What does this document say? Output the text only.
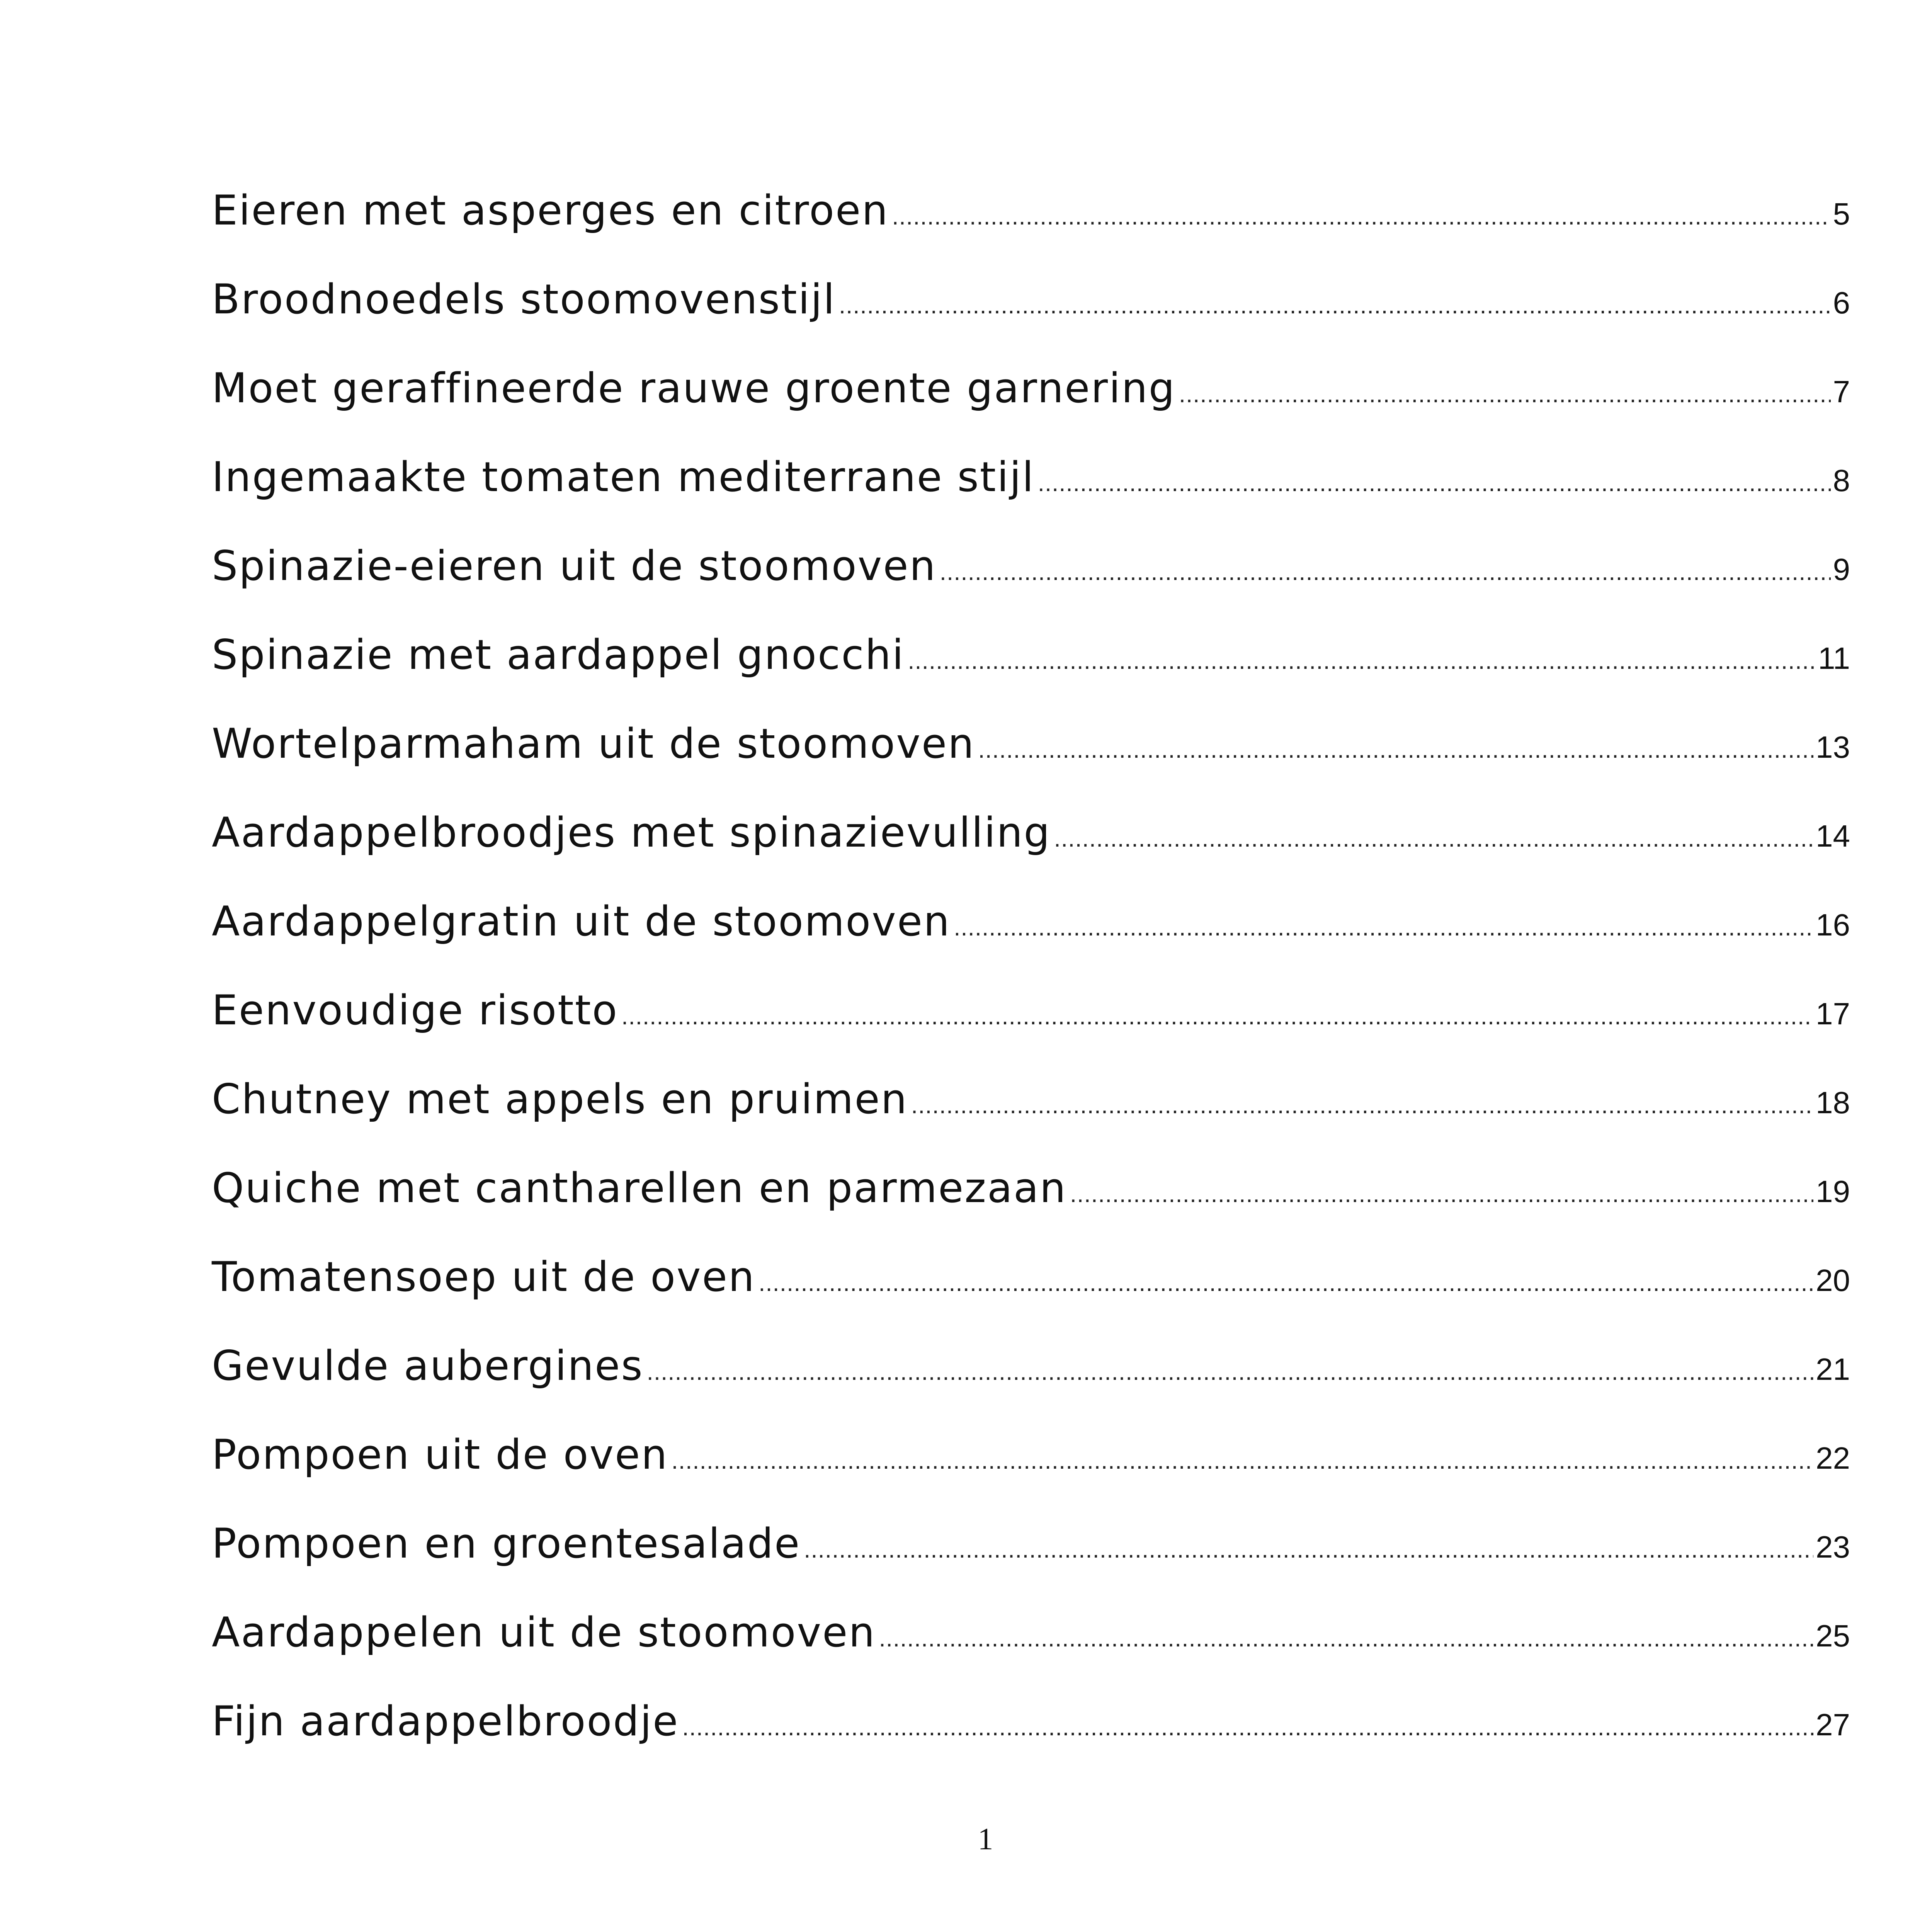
Eieren met asperges en citroen .....	5
Broodnoedels stoomovenstijl .....	6
Moet geraffineerde rauwe groente garnering .....	7
Ingemaakte tomaten mediterrane stijl .....	8
Spinazie-eieren uit de stoomoven .....	9
Spinazie met aardappel gnocchi .....	11
Wortelparmaham uit de stoomoven .....	13
Aardappelbroodjes met spinazievulling .....	14
Aardappelgratin uit de stoomoven .....	16
Eenvoudige risotto .....	17
Chutney met appels en pruimen .....	18
Quiche met cantharellen en parmezaan .....	19
Tomatensoep uit de oven .....	20
Gevulde aubergines .....	21
Pompoen uit de oven .....	22
Pompoen en groentesalade .....	23
Aardappelen uit de stoomoven .....	25
Fijn aardappelbroodje .....	27
1
